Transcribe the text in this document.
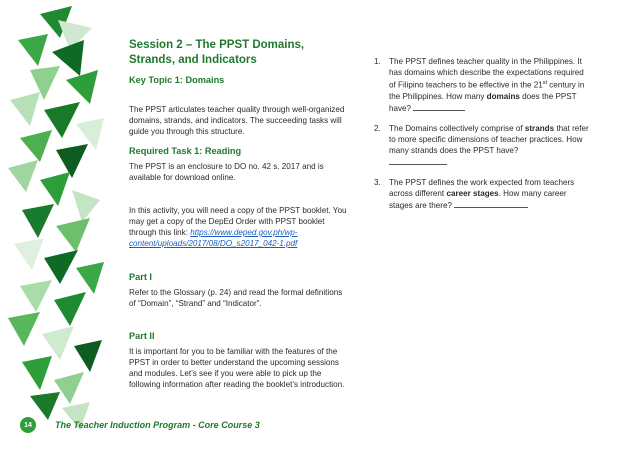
Session 2 – The PPST Domains, Strands, and Indicators
Key Topic 1: Domains

The PPST articulates teacher quality through well-organized domains, strands, and indicators. The succeeding tasks will guide you through this structure.

Required Task 1: Reading

The PPST is an enclosure to DO no. 42 s. 2017 and is available for download online.

In this activity, you will need a copy of the PPST booklet. You may get a copy of the DepEd Order with PPST booklet through this link: https://www.deped.gov.ph/wp-content/uploads/2017/08/DO_s2017_042-1.pdf

Part I

Refer to the Glossary (p. 24) and read the formal definitions of “Domain”, “Strand” and “Indicator”.

Part II

It is important for you to be familiar with the features of the PPST in order to better understand the upcoming sessions and modules. Let’s see if you were able to pick up the following information after reading the booklet’s introduction.

1. The PPST defines teacher quality in the Philippines. It has domains which describe the expectations required of Filipino teachers to be effective in the 21st century in the Philippines. How many domains does the PPST have?
2. The Domains collectively comprise of strands that refer to more specific dimensions of teacher practices. How many strands does the PPST have?

3. The PPST defines the work expected from teachers across different career stages. How many career stages are there?
14	The Teacher Induction Program - Core Course 3
